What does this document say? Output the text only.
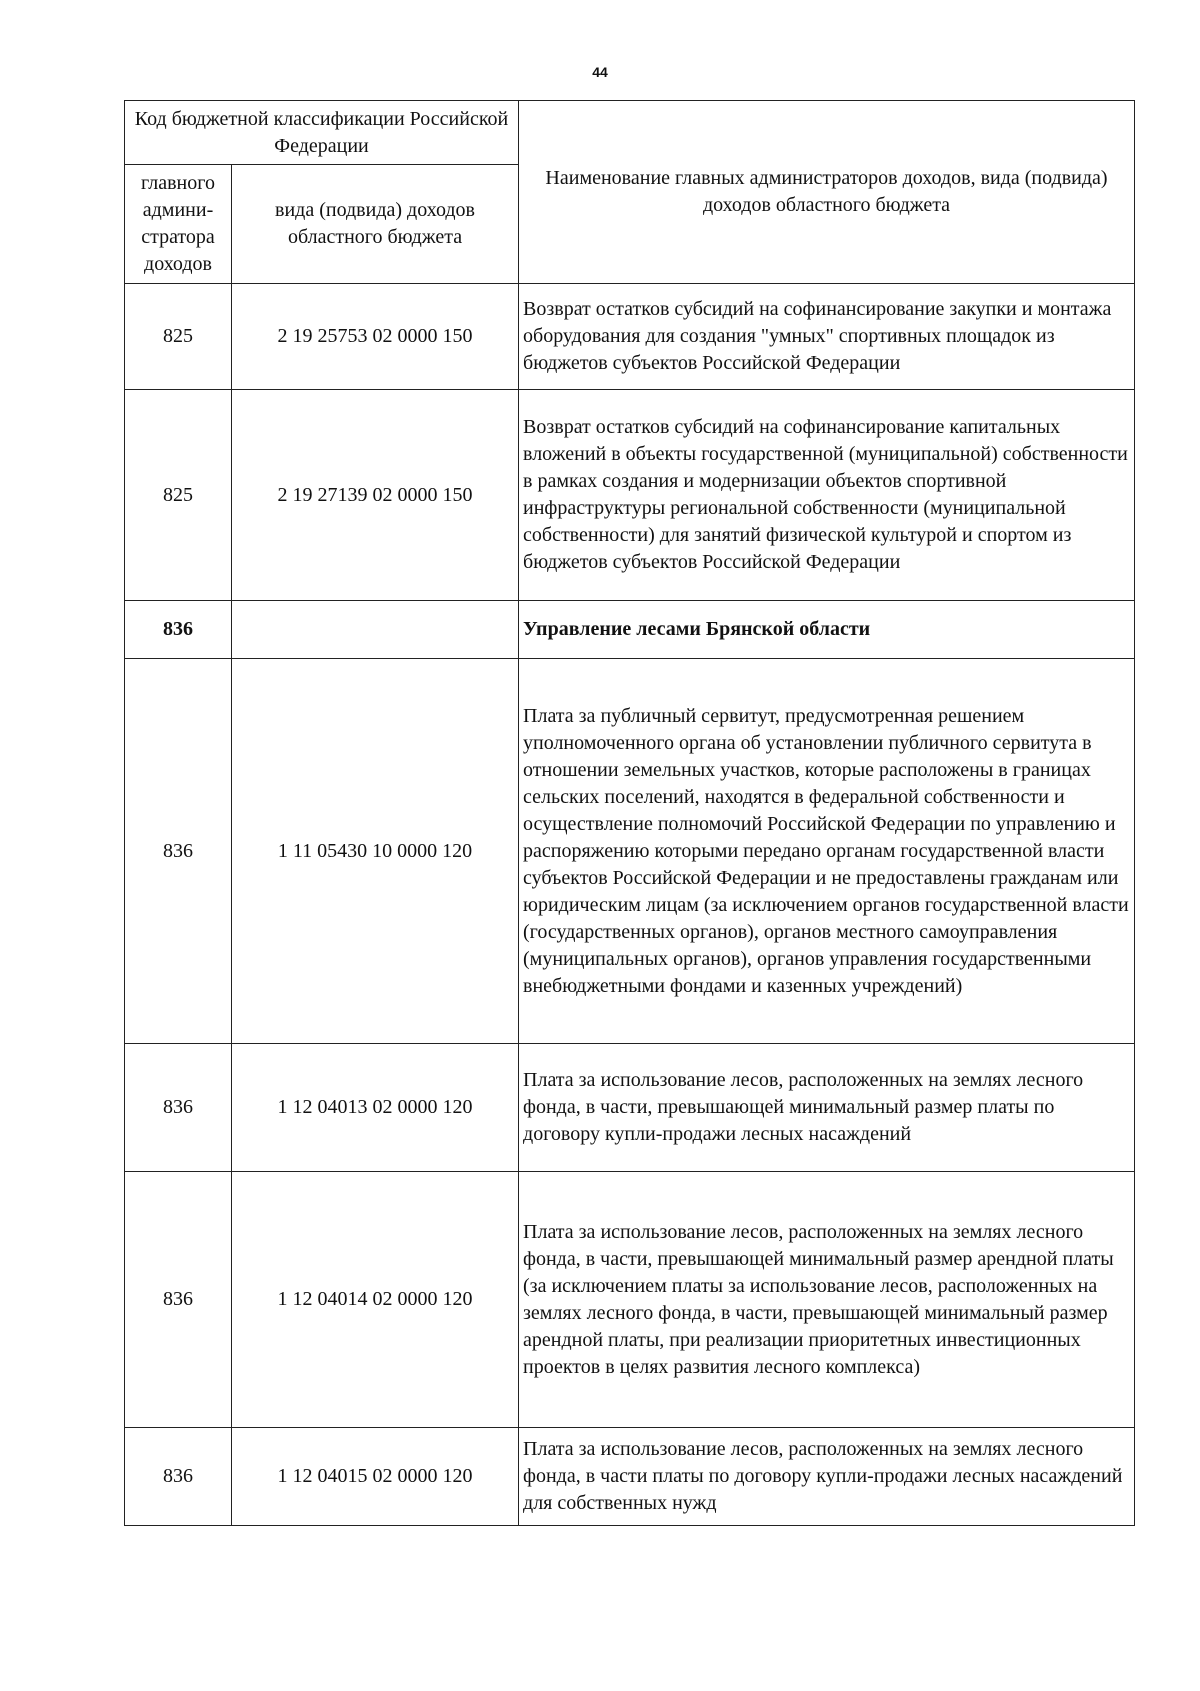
44
Код бюджетной классификации Российской Федерации		Наименование главных администраторов доходов, вида (подвида) доходов областного бюджета
главного админи- стратора доходов	вида (подвида) доходов областного бюджета	
825	2 19 25753 02 0000 150	Возврат остатков субсидий на софинансирование закупки и монтажа оборудования для создания "умных" спортивных площадок из бюджетов субъектов Российской Федерации
825	2 19 27139 02 0000 150	Возврат остатков субсидий на софинансирование капитальных вложений в объекты государственной (муниципальной) собственности в рамках создания и модернизации объектов спортивной инфраструктуры региональной собственности (муниципальной собственности) для занятий физической культурой и спортом из бюджетов субъектов Российской Федерации
836		Управление лесами Брянской области
836	1 11 05430 10 0000 120	Плата за публичный сервитут, предусмотренная решением уполномоченного органа об установлении публичного сервитута в отношении земельных участков, которые расположены в границах сельских поселений, находятся в федеральной собственности и осуществление полномочий Российской Федерации по управлению и распоряжению которыми передано органам государственной власти субъектов Российской Федерации и не предоставлены гражданам или юридическим лицам (за исключением органов государственной власти (государственных органов), органов местного самоуправления (муниципальных органов), органов управления государственными внебюджетными фондами и казенных учреждений)
836	1 12 04013 02 0000 120	Плата за использование лесов, расположенных на землях лесного фонда, в части, превышающей минимальный размер платы по договору купли-продажи лесных насаждений
836	1 12 04014 02 0000 120	Плата за использование лесов, расположенных на землях лесного фонда, в части, превышающей минимальный размер арендной платы (за исключением платы за использование лесов, расположенных на землях лесного фонда, в части, превышающей минимальный размер арендной платы, при реализации приоритетных инвестиционных проектов в целях развития лесного комплекса)
836	1 12 04015 02 0000 120	Плата за использование лесов, расположенных на землях лесного фонда, в части платы по договору купли-продажи лесных насаждений для собственных нужд
